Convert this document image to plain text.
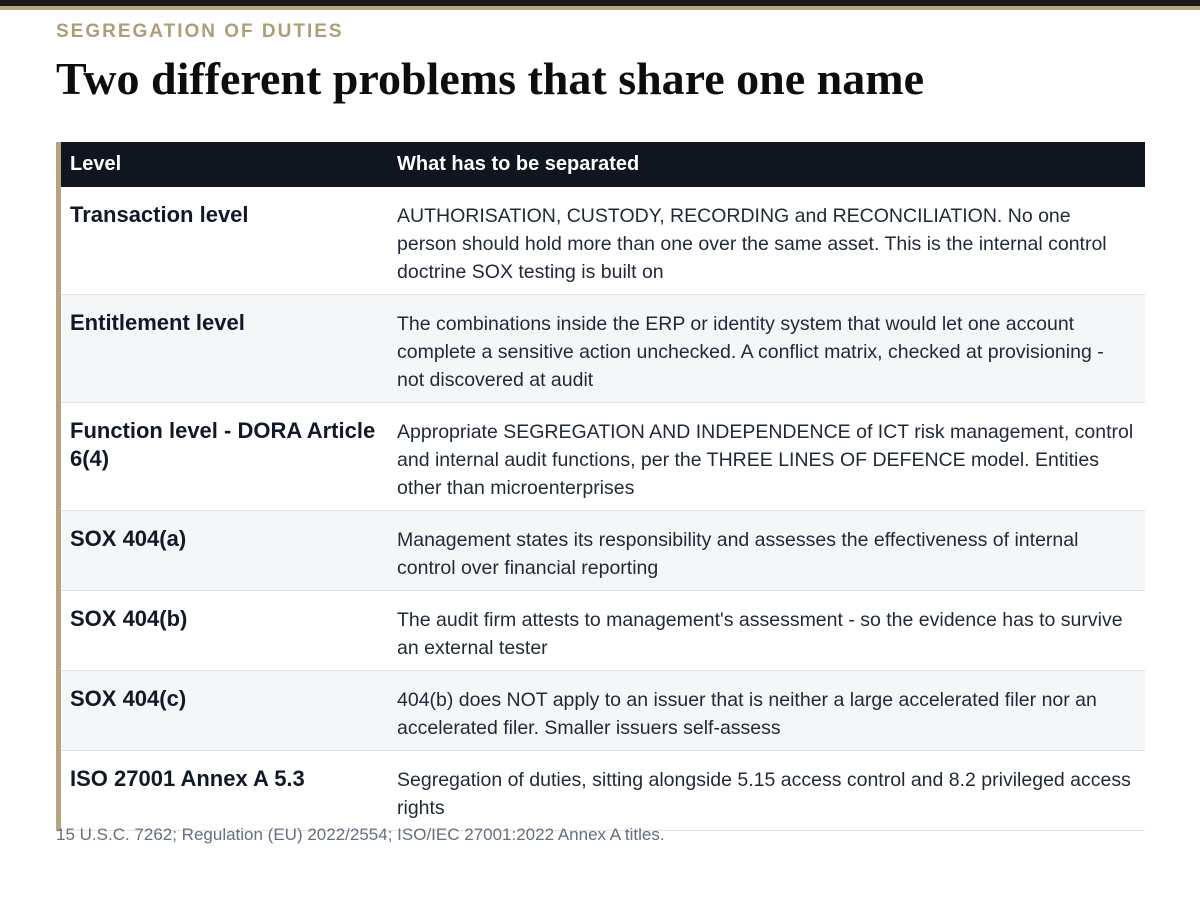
SEGREGATION OF DUTIES
Two different problems that share one name
Level	What has to be separated
Transaction level	AUTHORISATION, CUSTODY, RECORDING and RECONCILIATION. No one person should hold more than one over the same asset. This is the internal control doctrine SOX testing is built on
Entitlement level	The combinations inside the ERP or identity system that would let one account complete a sensitive action unchecked. A conflict matrix, checked at provisioning - not discovered at audit
Function level - DORA Article 6(4)	Appropriate SEGREGATION AND INDEPENDENCE of ICT risk management, control and internal audit functions, per the THREE LINES OF DEFENCE model. Entities other than microenterprises
SOX 404(a)	Management states its responsibility and assesses the effectiveness of internal control over financial reporting
SOX 404(b)	The audit firm attests to management's assessment - so the evidence has to survive an external tester
SOX 404(c)	404(b) does NOT apply to an issuer that is neither a large accelerated filer nor an accelerated filer. Smaller issuers self-assess
ISO 27001 Annex A 5.3	Segregation of duties, sitting alongside 5.15 access control and 8.2 privileged access rights
15 U.S.C. 7262; Regulation (EU) 2022/2554; ISO/IEC 27001:2022 Annex A titles.
